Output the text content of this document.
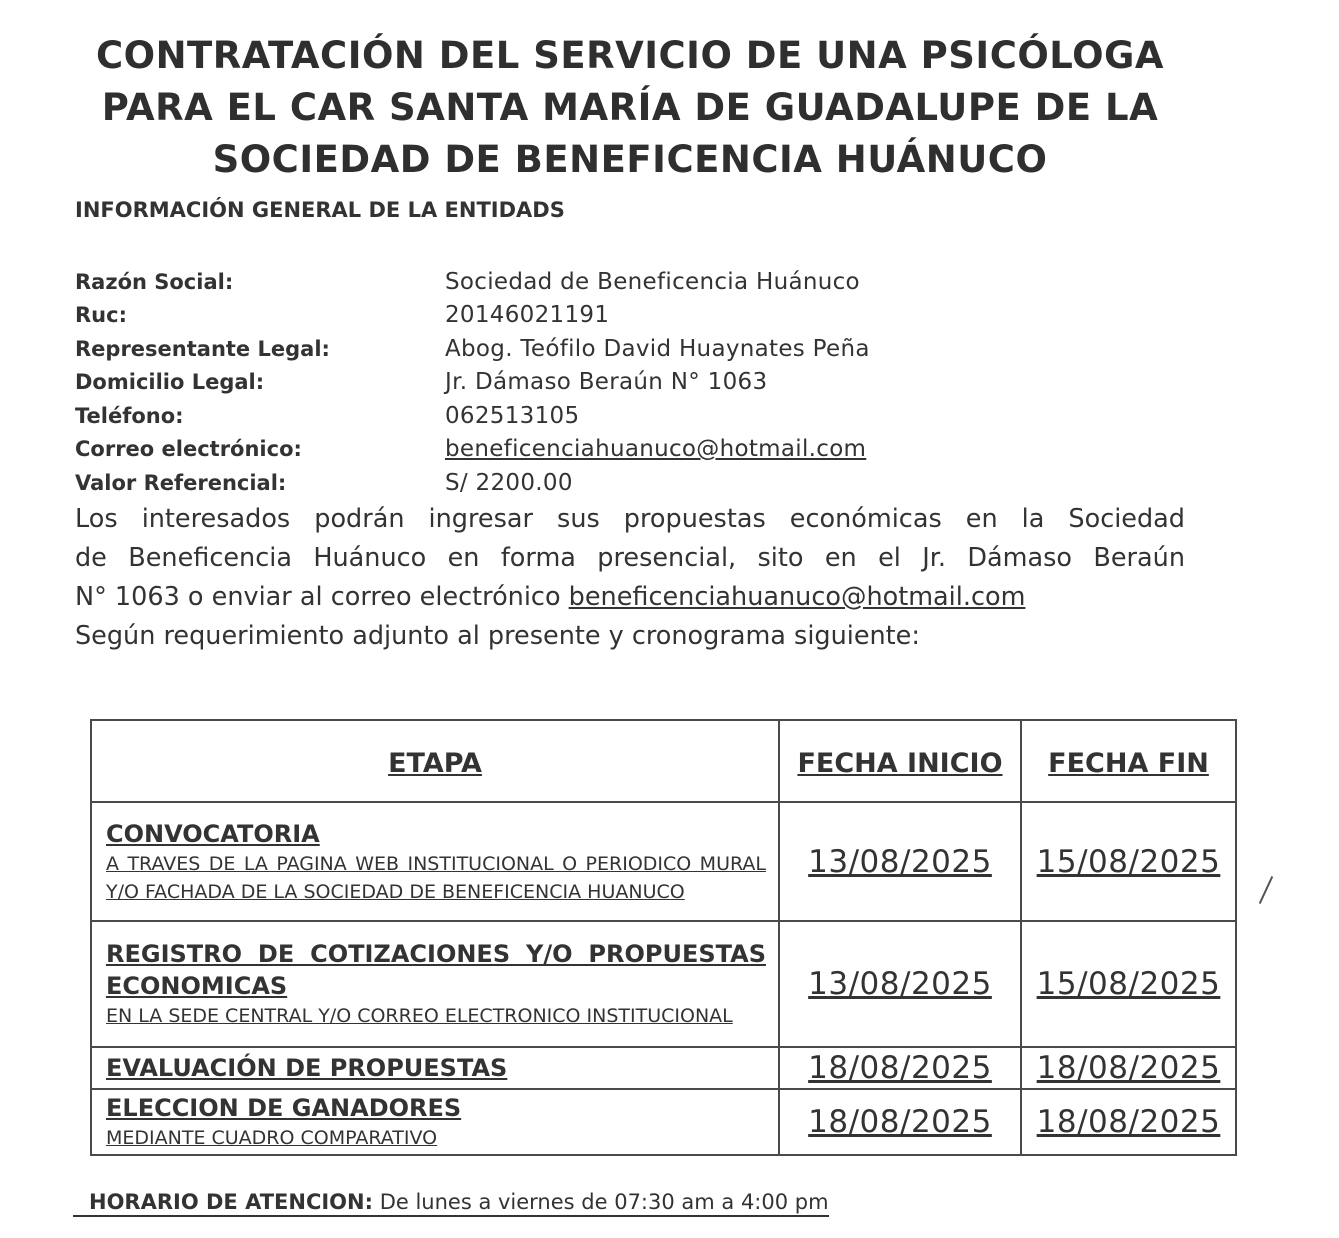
CONTRATACIÓN DEL SERVICIO DE UNA PSICÓLOGA
PARA EL CAR SANTA MARÍA DE GUADALUPE DE LA
SOCIEDAD DE BENEFICENCIA HUÁNUCO
INFORMACIÓN GENERAL DE LA ENTIDADS
Razón Social:	Sociedad de Beneficencia Huánuco
Ruc:	20146021191
Representante Legal:	Abog. Teófilo David Huaynates Peña
Domicilio Legal:	Jr. Dámaso Beraún N° 1063
Teléfono:	062513105
Correo electrónico:	beneficenciahuanuco@hotmail.com
Valor Referencial:	S/ 2200.00
Los interesados podrán ingresar sus propuestas económicas en la Sociedad
de Beneficencia Huánuco en forma presencial, sito en el Jr. Dámaso Beraún
N° 1063 o enviar al correo electrónico beneficenciahuanuco@hotmail.com
Según requerimiento adjunto al presente y cronograma siguiente:
ETAPA	FECHA INICIO	FECHA FIN

CONVOCATORIA
A TRAVES DE LA PAGINA WEB INSTITUCIONAL O PERIODICO MURAL Y/O FACHADA DE LA SOCIEDAD DE BENEFICENCIA HUANUCO	13/08/2025	15/08/2025

REGISTRO DE COTIZACIONES Y/O PROPUESTAS ECONOMICAS
EN LA SEDE CENTRAL Y/O CORREO ELECTRONICO INSTITUCIONAL	13/08/2025	15/08/2025

EVALUACIÓN DE PROPUESTAS	18/08/2025	18/08/2025

ELECCION DE GANADORES
MEDIANTE CUADRO COMPARATIVO	18/08/2025	18/08/2025
HORARIO DE ATENCION: De lunes a viernes de 07:30 am a 4:00 pm
